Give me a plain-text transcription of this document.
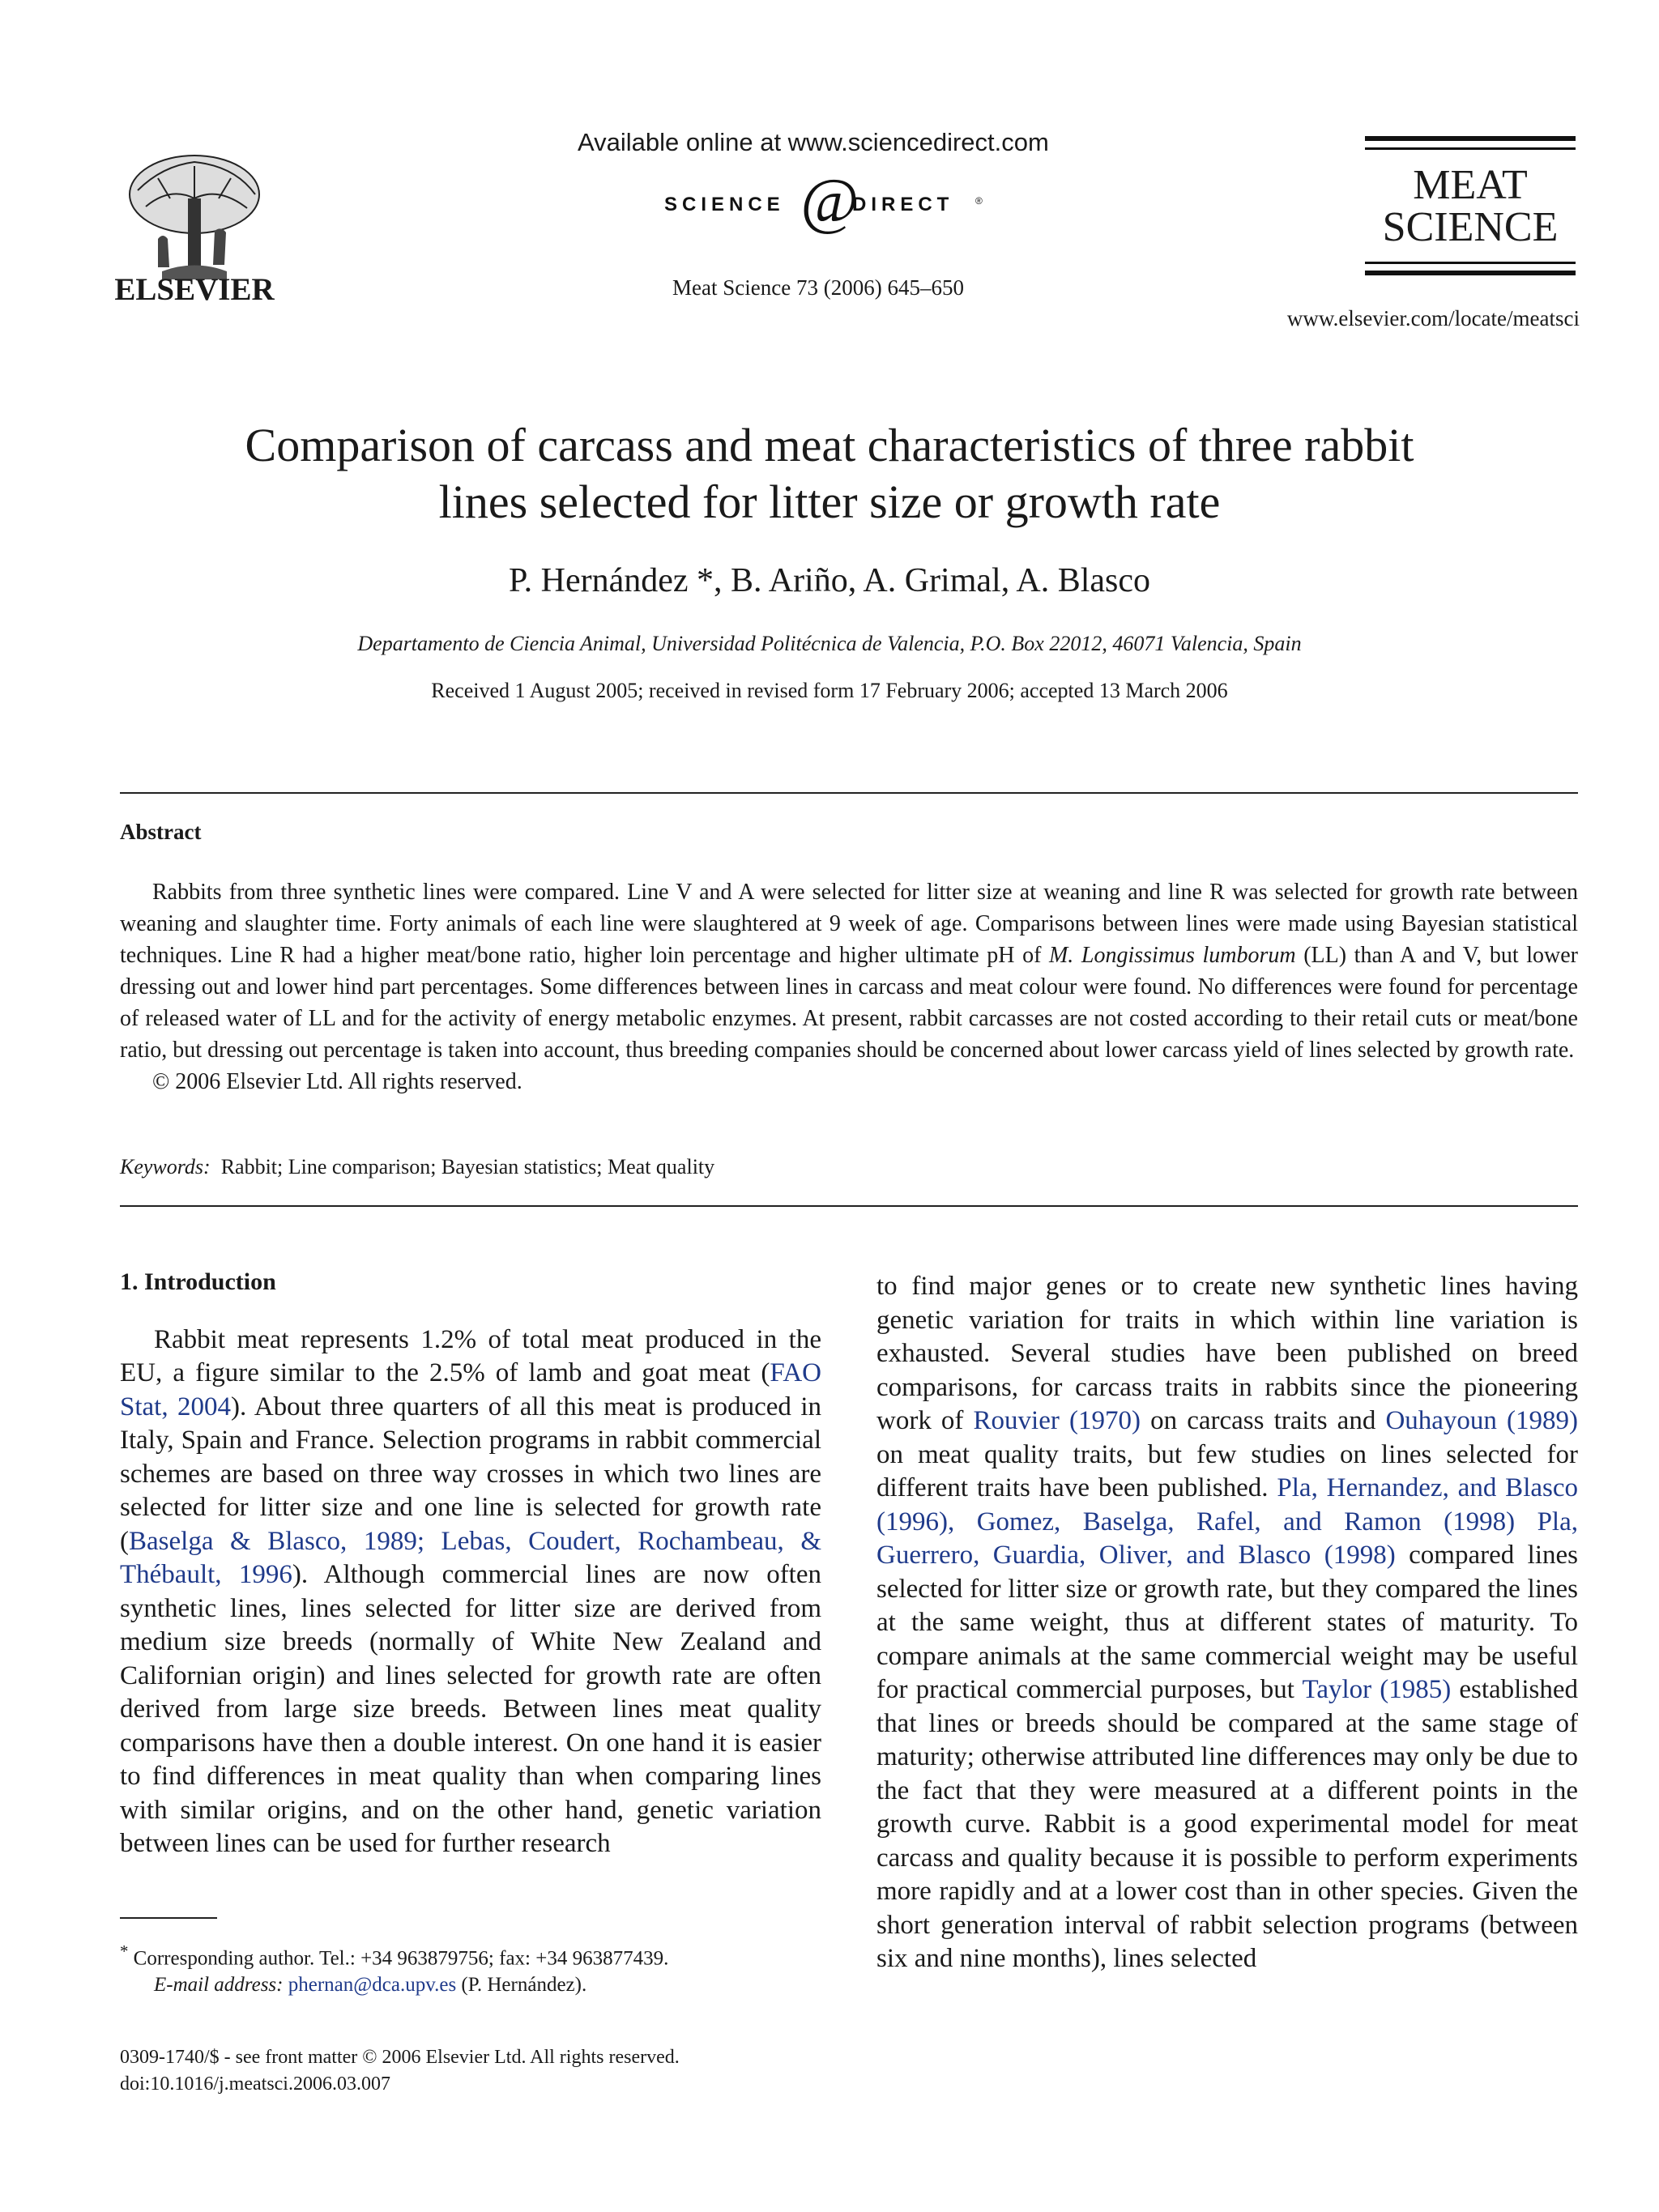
ELSEVIER
Available online at www.sciencedirect.com
SCIENCE @
DIRECT ®
Meat Science 73 (2006) 645–650
MEAT
SCIENCE
www.elsevier.com/locate/meatsci
Comparison of carcass and meat characteristics of three rabbit
lines selected for litter size or growth rate
P. Hernández *, B. Ariño, A. Grimal, A. Blasco
Departamento de Ciencia Animal, Universidad Politécnica de Valencia, P.O. Box 22012, 46071 Valencia, Spain
Received 1 August 2005; received in revised form 17 February 2006; accepted 13 March 2006
Abstract

Rabbits from three synthetic lines were compared. Line V and A were selected for litter size at weaning and line R was selected for growth rate between weaning and slaughter time. Forty animals of each line were slaughtered at 9 week of age. Comparisons between lines were made using Bayesian statistical techniques. Line R had a higher meat/bone ratio, higher loin percentage and higher ultimate pH of M. Longissimus lumborum (LL) than A and V, but lower dressing out and lower hind part percentages. Some differences between lines in carcass and meat colour were found. No differences were found for percentage of released water of LL and for the activity of energy metabolic enzymes. At present, rabbit carcasses are not costed according to their retail cuts or meat/bone ratio, but dressing out percentage is taken into account, thus breeding companies should be concerned about lower carcass yield of lines selected by growth rate.

© 2006 Elsevier Ltd. All rights reserved.

Keywords: Rabbit; Line comparison; Bayesian statistics; Meat quality

1. Introduction

Rabbit meat represents 1.2% of total meat produced in the EU, a figure similar to the 2.5% of lamb and goat meat (FAO Stat, 2004). About three quarters of all this meat is produced in Italy, Spain and France. Selection programs in rabbit commercial schemes are based on three way crosses in which two lines are selected for litter size and one line is selected for growth rate (Baselga & Blasco, 1989; Lebas, Coudert, Rochambeau, & Thébault, 1996). Although commercial lines are now often synthetic lines, lines selected for litter size are derived from medium size breeds (normally of White New Zealand and Californian origin) and lines selected for growth rate are often derived from large size breeds. Between lines meat quality comparisons have then a double interest. On one hand it is easier to find differences in meat quality than when comparing lines with similar origins, and on the other hand, genetic variation between lines can be used for further research

to find major genes or to create new synthetic lines having genetic variation for traits in which within line variation is exhausted. Several studies have been published on breed comparisons, for carcass traits in rabbits since the pioneering work of Rouvier (1970) on carcass traits and Ouhayoun (1989) on meat quality traits, but few studies on lines selected for different traits have been published. Pla, Hernandez, and Blasco (1996), Gomez, Baselga, Rafel, and Ramon (1998) Pla, Guerrero, Guardia, Oliver, and Blasco (1998) compared lines selected for litter size or growth rate, but they compared the lines at the same weight, thus at different states of maturity. To compare animals at the same commercial weight may be useful for practical commercial purposes, but Taylor (1985) established that lines or breeds should be compared at the same stage of maturity; otherwise attributed line differences may only be due to the fact that they were measured at a different points in the growth curve. Rabbit is a good experimental model for meat carcass and quality because it is possible to perform experiments more rapidly and at a lower cost than in other species. Given the short generation interval of rabbit selection programs (between six and nine months), lines selected

* Corresponding author. Tel.: +34 963879756; fax: +34 963877439.
E-mail address: phernan@dca.upv.es (P. Hernández).
0309-1740/$ - see front matter © 2006 Elsevier Ltd. All rights reserved.
doi:10.1016/j.meatsci.2006.03.007
